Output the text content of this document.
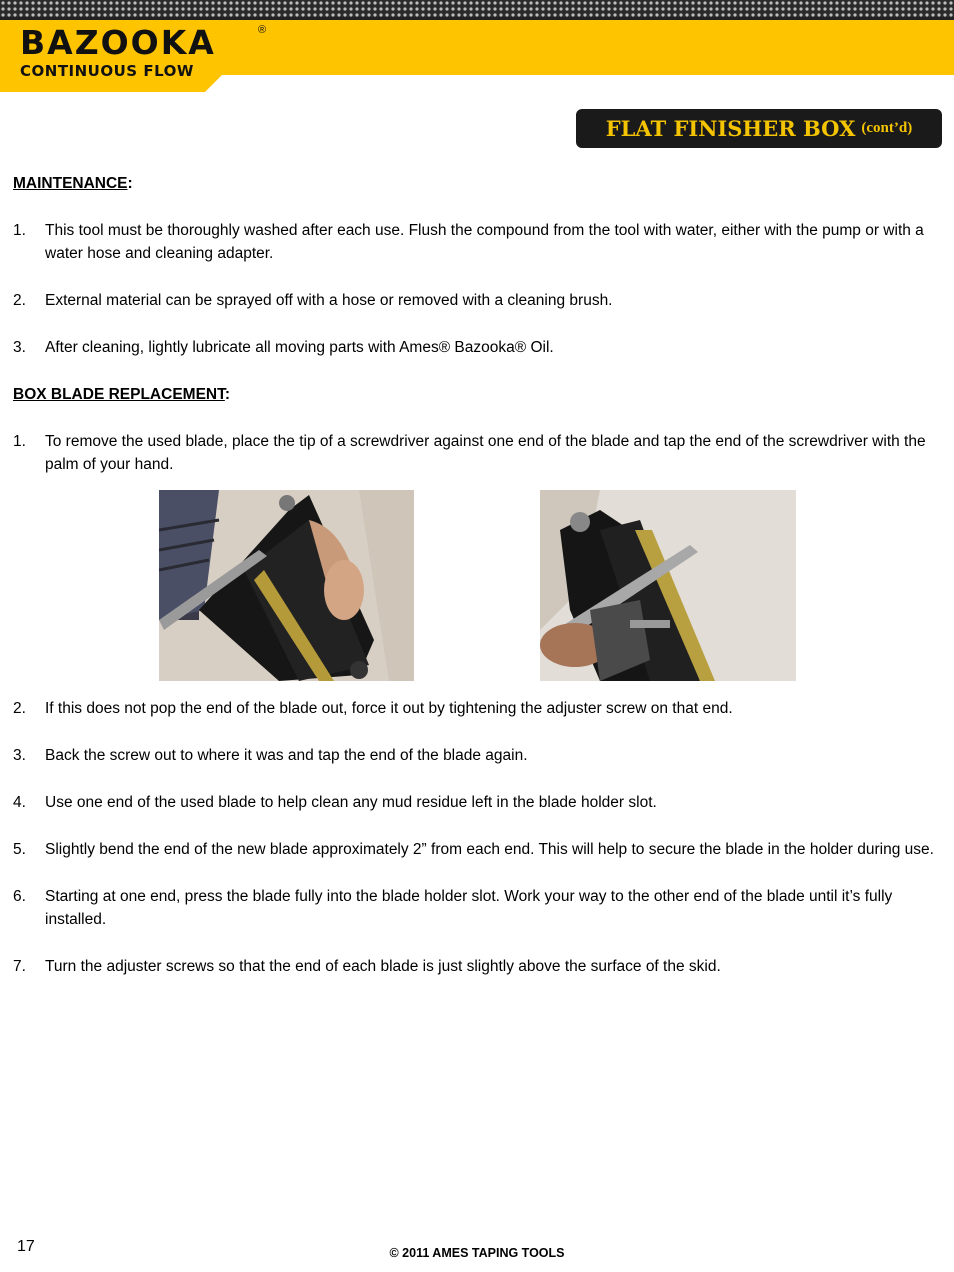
BAZOOKA	®
CONTINUOUS FLOW
FLAT FINISHER BOX (cont’d)

MAINTENANCE:

1.	This tool must be thoroughly washed after each use. Flush the compound from the tool with water, either with the pump or with a water hose and cleaning adapter.
2.	External material can be sprayed off with a hose or removed with a cleaning brush.
3.	After cleaning, lightly lubricate all moving parts with Ames® Bazooka® Oil.

BOX BLADE REPLACEMENT:

1.	To remove the used blade, place the tip of a screwdriver against one end of the blade and tap the end of the screwdriver with the palm of your hand.
2.	If this does not pop the end of the blade out, force it out by tightening the adjuster screw on that end.
3.	Back the screw out to where it was and tap the end of the blade again.
4.	Use one end of the used blade to help clean any mud residue left in the blade holder slot.
5.	Slightly bend the end of the new blade approximately 2” from each end. This will help to secure the blade in the holder during use.
6.	Starting at one end, press the blade fully into the blade holder slot. Work your way to the other end of the blade until it’s fully installed.
7.	Turn the adjuster screws so that the end of each blade is just slightly above the surface of the skid.
17	© 2011 AMES TAPING TOOLS
